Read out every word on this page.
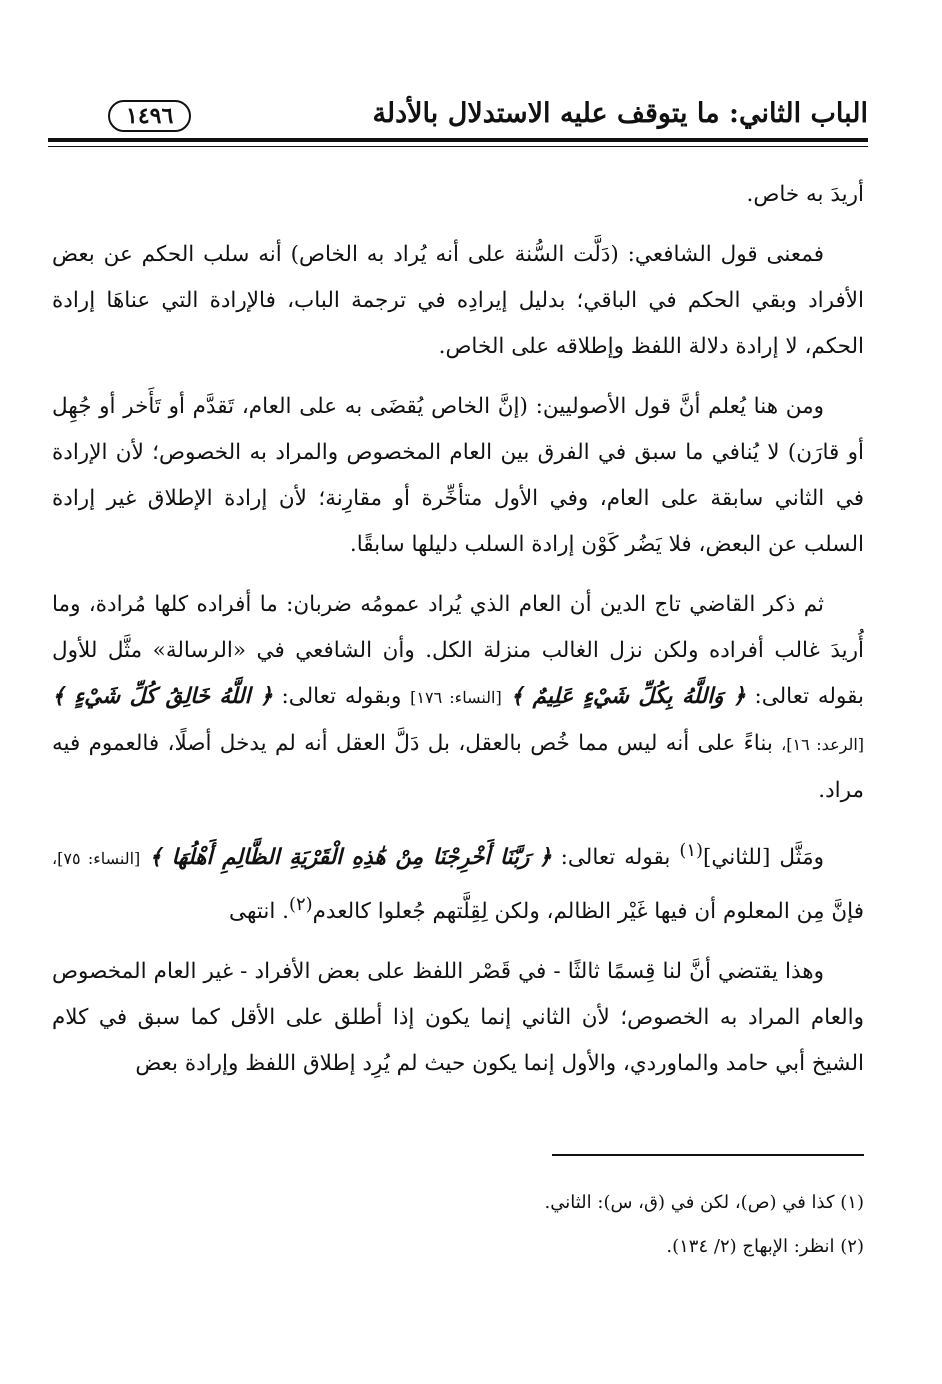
الباب الثاني: ما يتوقف عليه الاستدلال بالأدلة
١٤٩٦

أريدَ به خاص.

فمعنى قول الشافعي: (دَلَّت السُّنة على أنه يُراد به الخاص) أنه سلب الحكم عن بعض الأفراد وبقي الحكم في الباقي؛ بدليل إيرادِه في ترجمة الباب، فالإرادة التي عناهَا إرادة الحكم، لا إرادة دلالة اللفظ وإطلاقه على الخاص.

ومن هنا يُعلم أنَّ قول الأصوليين: (إنَّ الخاص يُقضَى به على العام، تَقدَّم أو تَأَخر أو جُهِل أو قارَن) لا يُنافي ما سبق في الفرق بين العام المخصوص والمراد به الخصوص؛ لأن الإرادة في الثاني سابقة على العام، وفي الأول متأخِّرة أو مقارِنة؛ لأن إرادة الإطلاق غير إرادة السلب عن البعض، فلا يَضُر كَوْن إرادة السلب دليلها سابقًا.

ثم ذكر القاضي تاج الدين أن العام الذي يُراد عمومُه ضربان: ما أفراده كلها مُرادة، وما أُريدَ غالب أفراده ولكن نزل الغالب منزلة الكل. وأن الشافعي في «الرسالة» مثَّل للأول بقوله تعالى: ﴿ وَاللَّهُ بِكُلِّ شَيْءٍ عَلِيمٌ ﴾ [النساء: ١٧٦] وبقوله تعالى: ﴿ اللَّهُ خَالِقُ كُلِّ شَيْءٍ ﴾ [الرعد: ١٦]، بناءً على أنه ليس مما خُص بالعقل، بل دَلَّ العقل أنه لم يدخل أصلًا، فالعموم فيه مراد.

ومَثَّل [للثاني]$^{(١)}$ بقوله تعالى: ﴿ رَبَّنَا أَخْرِجْنَا مِنْ هَٰذِهِ الْقَرْيَةِ الظَّالِمِ أَهْلُهَا ﴾ [النساء: ٧٥]، فإنَّ مِن المعلوم أن فيها غَيْر الظالم، ولكن لِقِلَّتهم جُعلوا كالعدم$^{(٢)}$. انتهى

وهذا يقتضي أنَّ لنا قِسمًا ثالثًا - في قَصْر اللفظ على بعض الأفراد - غير العام المخصوص والعام المراد به الخصوص؛ لأن الثاني إنما يكون إذا أطلق على الأقل كما سبق في كلام الشيخ أبي حامد والماوردي، والأول إنما يكون حيث لم يُرِد إطلاق اللفظ وإرادة بعض

(١) كذا في (ص)، لكن في (ق، س): الثاني.

(٢) انظر: الإبهاج (٢/ ١٣٤).
